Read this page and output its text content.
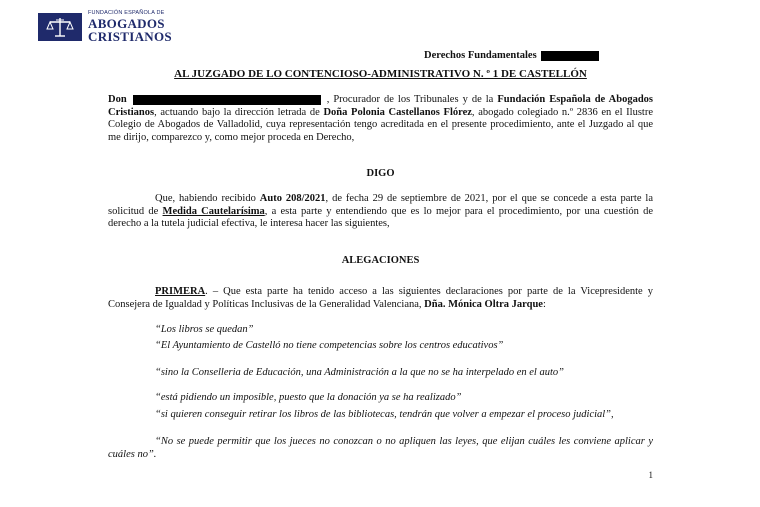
FUNDACIÓN ESPAÑOLA DE
ABOGADOS
CRISTIANOS
Derechos Fundamentales
AL JUZGADO DE LO CONTENCIOSO-ADMINISTRATIVO N. º 1 DE CASTELLÓN
Don	, Procurador de los Tribunales y de la Fundación Española de Abogados Cristianos, actuando bajo la dirección letrada de Doña Polonia Castellanos Flórez, abogado colegiado n.º 2836 en el Ilustre Colegio de Abogados de Valladolid, cuya representación tengo acreditada en el presente procedimiento, ante el Juzgado al que me dirijo, comparezco y, como mejor proceda en Derecho,
DIGO
Que, habiendo recibido Auto 208/2021, de fecha 29 de septiembre de 2021, por el que se concede a esta parte la solicitud de Medida Cautelarísima, a esta parte y entendiendo que es lo mejor para el procedimiento, por una cuestión de derecho a la tutela judicial efectiva, le interesa hacer las siguientes,
ALEGACIONES
PRIMERA. – Que esta parte ha tenido acceso a las siguientes declaraciones por parte de la Vicepresidente y Consejera de Igualdad y Políticas Inclusivas de la Generalidad Valenciana, Dña. Mónica Oltra Jarque:
“Los libros se quedan”
“El Ayuntamiento de Castelló no tiene competencias sobre los centros educativos”
“sino la Conselleria de Educación, una Administración a la que no se ha interpelado en el auto”
“está pidiendo un imposible, puesto que la donación ya se ha realizado”
“si quieren conseguir retirar los libros de las bibliotecas, tendrán que volver a empezar el proceso judicial”,
“No se puede permitir que los jueces no conozcan o no apliquen las leyes, que elijan cuáles les conviene aplicar y cuáles no”.
1
